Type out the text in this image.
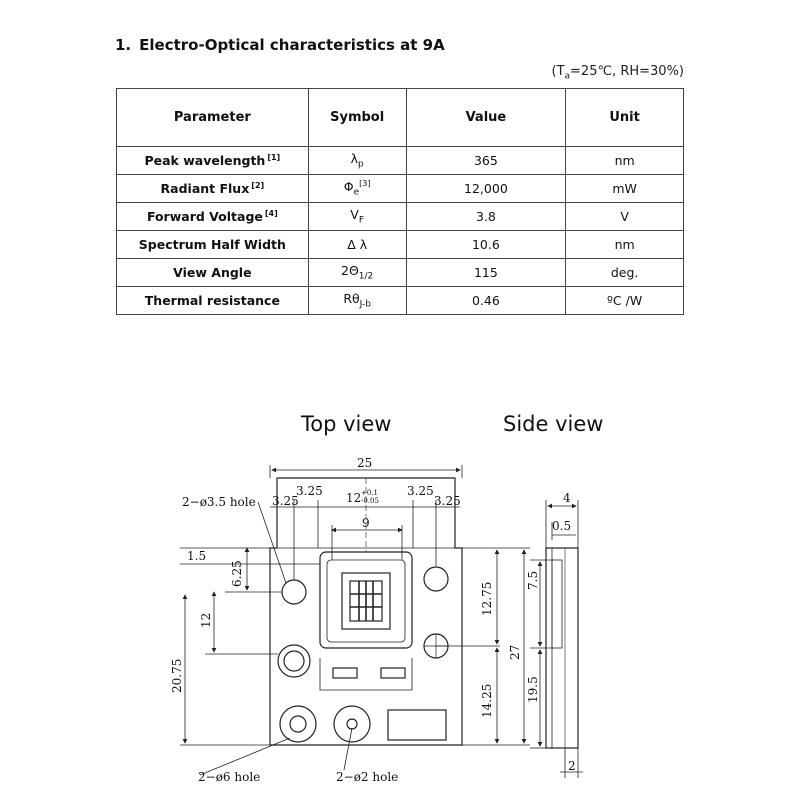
1. Electro-Optical characteristics at 9A
($T_a=25℃$, RH=30%)
Parameter	Symbol	Value	Unit
Peak wavelength [1]	$\lambda_p$	365	nm
Radiant Flux [2]	$\Phi_e[3]$	12,000	mW
Forward Voltage [4]	$V_F$	3.8	V
Spectrum Half Width	Δ λ	10.6	nm
View Angle	$2\Theta_{1/2}$	115	deg.
Thermal resistance	$R\theta_{J-b}$	0.46	ºC /W
Top view	Side view
25
3.25
3.25 12 +0.1
-0.05
3.25
3.25
9
1.5
6.25
12
20.75
12.75
27
14.25
2−ø3.5 hole
2−ø6 hole	2−ø2 hole
4
0.5
7.5
19.5
2
